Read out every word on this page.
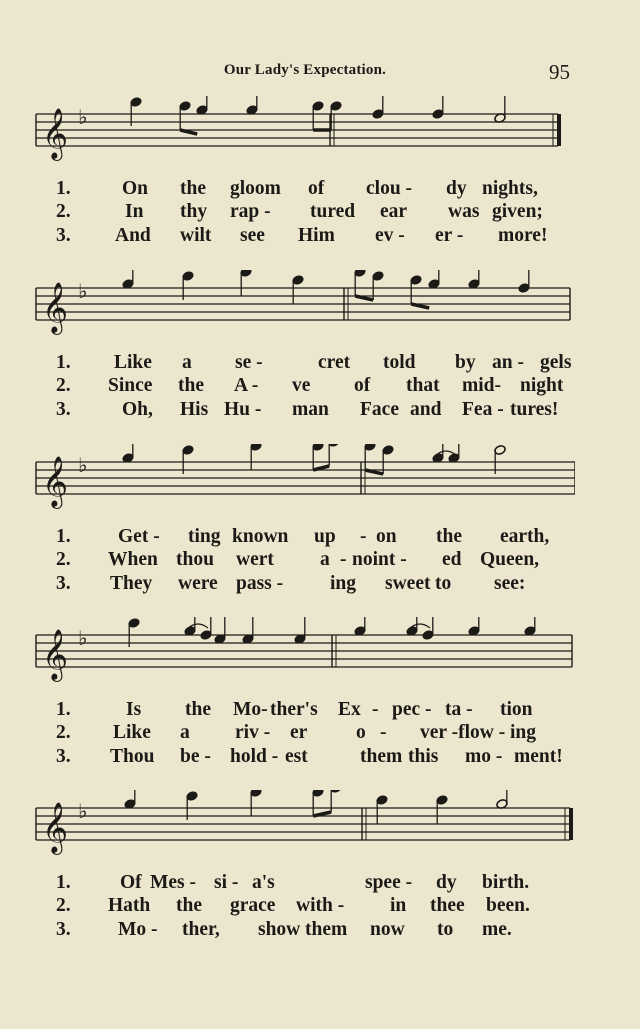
Our Lady's Expectation.	95
𝄞 ♭
1.	On the gloom of clou - dy nights,
2.	In thy rap - tured ear was given;
3. And wilt see Him ev - er - more!
𝄞 ♭
1. Like a se -	cret told by an - gels
2. Since the A - ve of that mid- night
3.	Oh, His Hu - man Face and Fea - tures!
𝄞 ♭
1. Get - ting known up - on the earth,
2. When thou wert a - noint - ed Queen,
3. They were pass - ing sweet to see:
𝄞 ♭
1.	Is the Mo- ther's Ex - pec - ta - tion
2. Like a riv - er o - ver -flow - ing
3. Thou be - hold - est	them this mo - ment!
𝄞 ♭
1.	Of Mes - si - a's	spee - dy birth.
2. Hath the grace with - in thee been.
3. Mo - ther, show them now to me.
